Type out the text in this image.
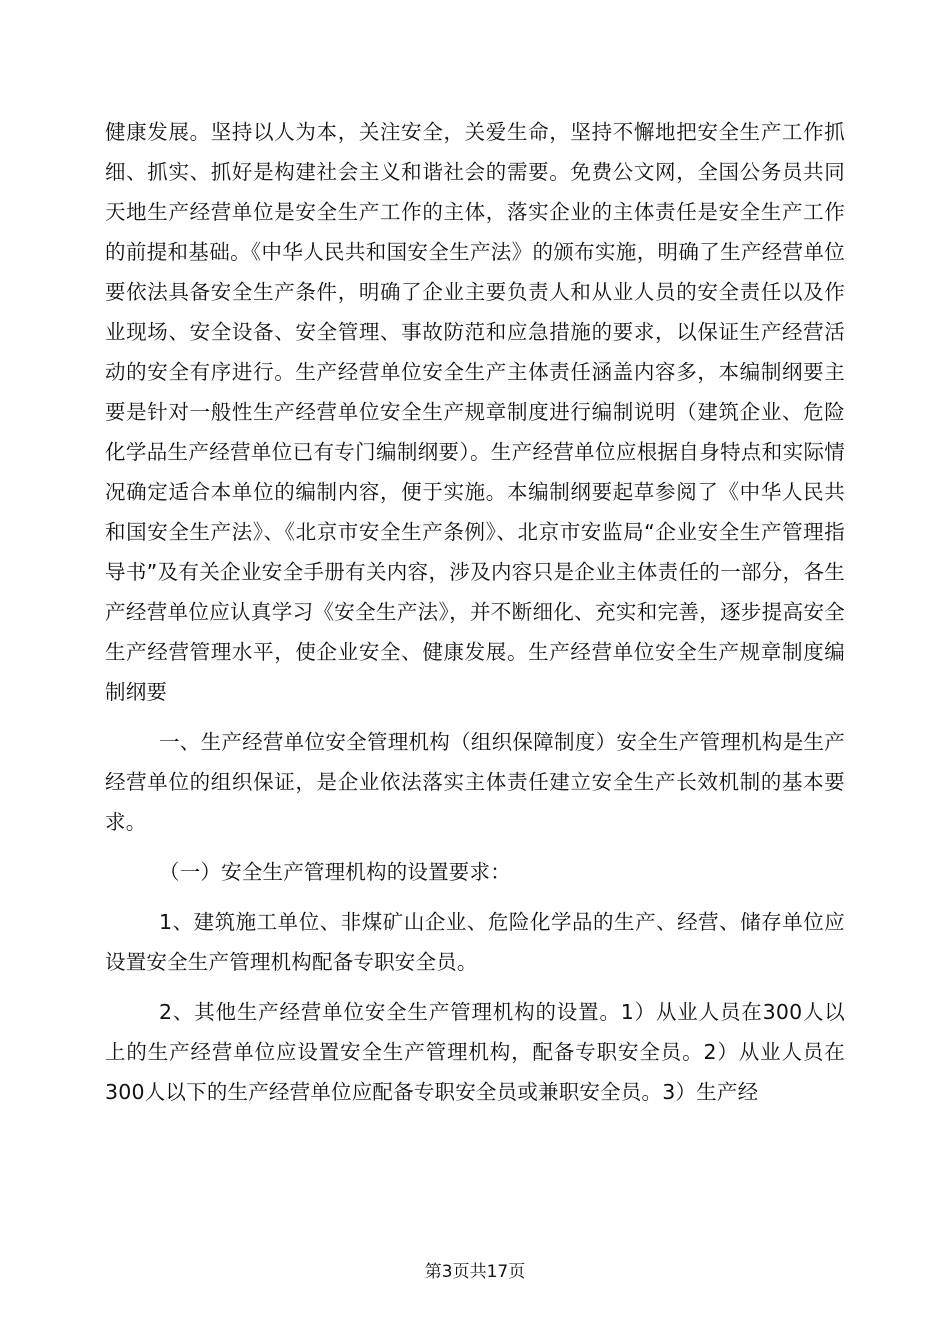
健康发展。坚持以人为本，关注安全，关爱生命，坚持不懈地把安全生产工作抓细、抓实、抓好是构建社会主义和谐社会的需要。免费公文网，全国公务员共同天地生产经营单位是安全生产工作的主体，落实企业的主体责任是安全生产工作的前提和基础。《中华人民共和国安全生产法》的颁布实施，明确了生产经营单位要依法具备安全生产条件，明确了企业主要负责人和从业人员的安全责任以及作业现场、安全设备、安全管理、事故防范和应急措施的要求，以保证生产经营活动的安全有序进行。生产经营单位安全生产主体责任涵盖内容多，本编制纲要主要是针对一般性生产经营单位安全生产规章制度进行编制说明（建筑企业、危险化学品生产经营单位已有专门编制纲要）。生产经营单位应根据自身特点和实际情况确定适合本单位的编制内容，便于实施。本编制纲要起草参阅了《中华人民共和国安全生产法》、《北京市安全生产条例》、北京市安监局“企业安全生产管理指导书”及有关企业安全手册有关内容，涉及内容只是企业主体责任的一部分，各生产经营单位应认真学习《安全生产法》，并不断细化、充实和完善，逐步提高安全生产经营管理水平，使企业安全、健康发展。生产经营单位安全生产规章制度编制纲要

一、生产经营单位安全管理机构（组织保障制度）安全生产管理机构是生产经营单位的组织保证，是企业依法落实主体责任建立安全生产长效机制的基本要求。

（一）安全生产管理机构的设置要求：

1、建筑施工单位、非煤矿山企业、危险化学品的生产、经营、储存单位应设置安全生产管理机构配备专职安全员。

2、其他生产经营单位安全生产管理机构的设置。1）从业人员在300人以上的生产经营单位应设置安全生产管理机构，配备专职安全员。2）从业人员在300人以下的生产经营单位应配备专职安全员或兼职安全员。3）生产经

第3页共17页
